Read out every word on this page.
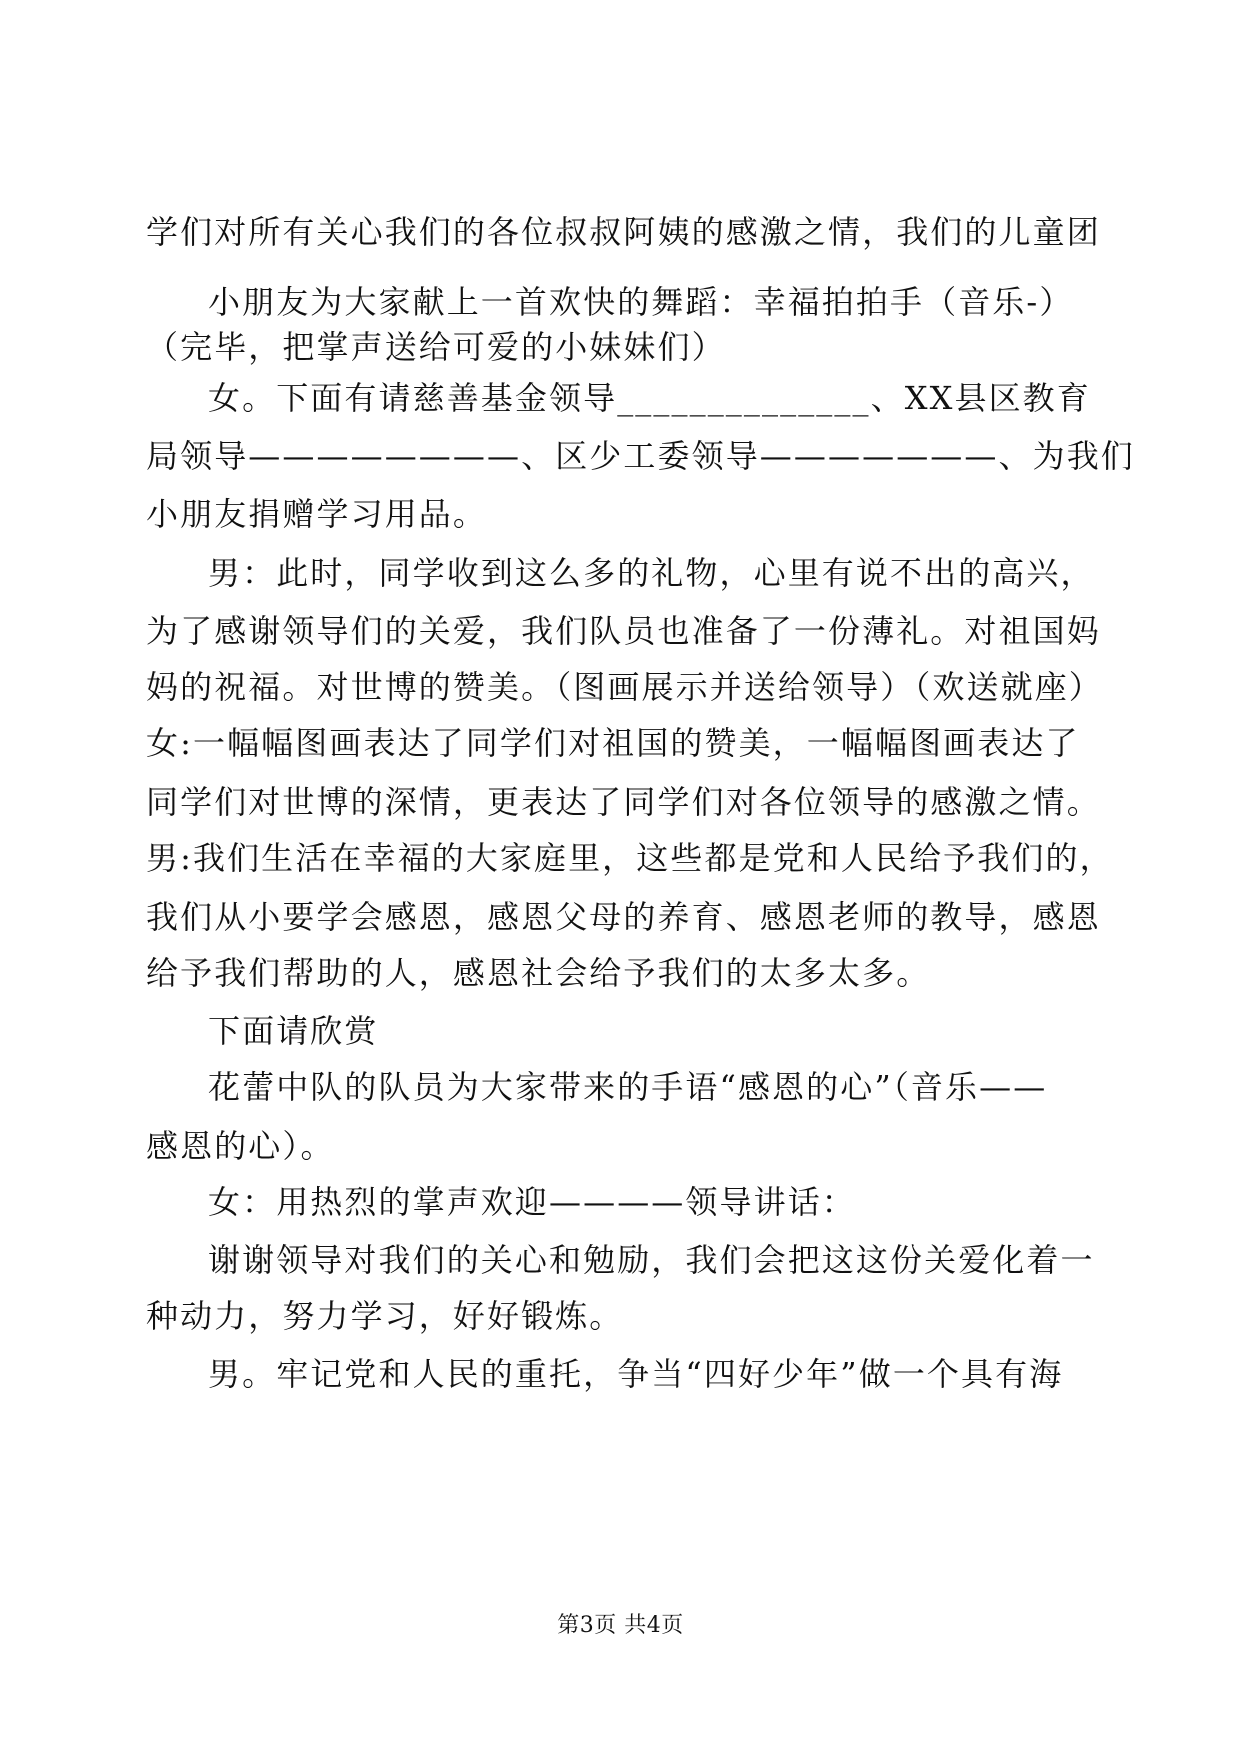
学们对所有关心我们的各位叔叔阿姨的感激之情，我们的儿童团
小朋友为大家献上一首欢快的舞蹈：幸福拍拍手（音乐-）
（完毕，把掌声送给可爱的小妹妹们）
女。下面有请慈善基金领导______________、XX县区教育
局领导————————、区少工委领导———————、为我们
小朋友捐赠学习用品。
男：此时，同学收到这么多的礼物，心里有说不出的高兴，
为了感谢领导们的关爱，我们队员也准备了一份薄礼。对祖国妈
妈的祝福。对世博的赞美。（图画展示并送给领导）（欢送就座）
女:一幅幅图画表达了同学们对祖国的赞美，一幅幅图画表达了
同学们对世博的深情，更表达了同学们对各位领导的感激之情。
男:我们生活在幸福的大家庭里，这些都是党和人民给予我们的，
我们从小要学会感恩，感恩父母的养育、感恩老师的教导，感恩
给予我们帮助的人，感恩社会给予我们的太多太多。
下面请欣赏
花蕾中队的队员为大家带来的手语“感恩的心”（音乐——
感恩的心）。
女：用热烈的掌声欢迎————领导讲话：
谢谢领导对我们的关心和勉励，我们会把这这份关爱化着一
种动力，努力学习，好好锻炼。
男。牢记党和人民的重托，争当“四好少年”做一个具有海
第3页 共4页
